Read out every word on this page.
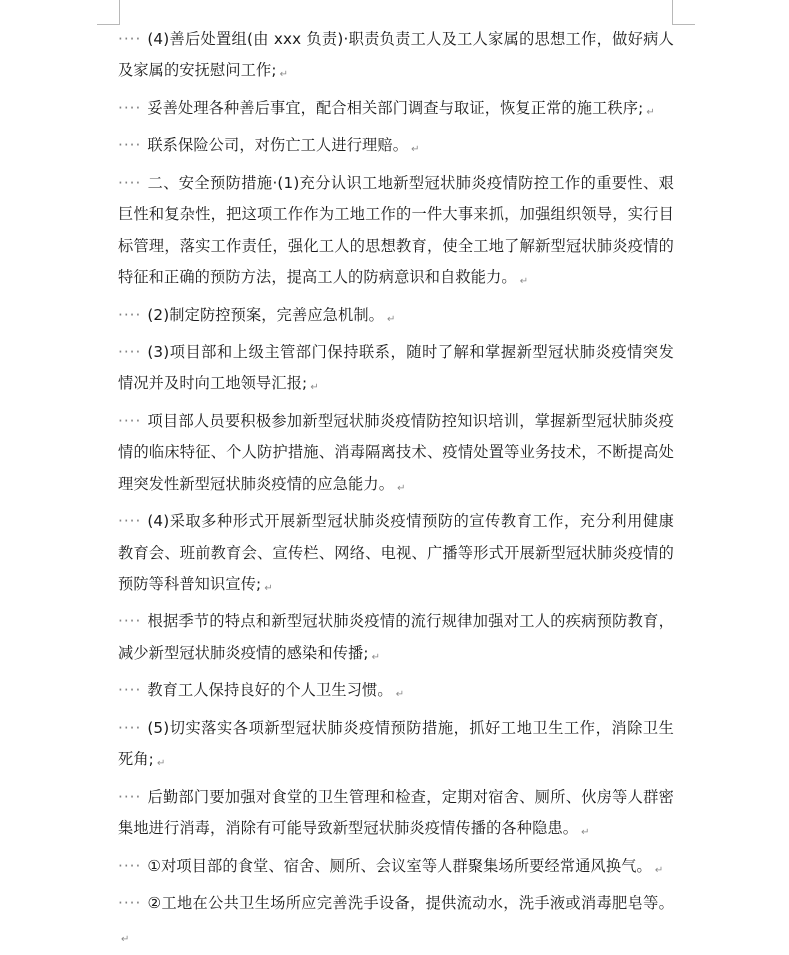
···· (4)善后处置组(由 xxx 负责)·职责负责工人及工人家属的思想工作，做好病人及家属的安抚慰问工作; ↵

···· 妥善处理各种善后事宜，配合相关部门调查与取证，恢复正常的施工秩序; ↵

···· 联系保险公司，对伤亡工人进行理赔。 ↵

···· 二、安全预防措施·(1)充分认识工地新型冠状肺炎疫情防控工作的重要性、艰巨性和复杂性，把这项工作作为工地工作的一件大事来抓，加强组织领导，实行目标管理，落实工作责任，强化工人的思想教育，使全工地了解新型冠状肺炎疫情的特征和正确的预防方法，提高工人的防病意识和自救能力。 ↵

···· (2)制定防控预案，完善应急机制。 ↵

···· (3)项目部和上级主管部门保持联系，随时了解和掌握新型冠状肺炎疫情突发情况并及时向工地领导汇报; ↵

···· 项目部人员要积极参加新型冠状肺炎疫情防控知识培训，掌握新型冠状肺炎疫情的临床特征、个人防护措施、消毒隔离技术、疫情处置等业务技术，不断提高处理突发性新型冠状肺炎疫情的应急能力。 ↵

···· (4)采取多种形式开展新型冠状肺炎疫情预防的宣传教育工作，充分利用健康教育会、班前教育会、宣传栏、网络、电视、广播等形式开展新型冠状肺炎疫情的预防等科普知识宣传; ↵

···· 根据季节的特点和新型冠状肺炎疫情的流行规律加强对工人的疾病预防教育，减少新型冠状肺炎疫情的感染和传播; ↵

···· 教育工人保持良好的个人卫生习惯。 ↵

···· (5)切实落实各项新型冠状肺炎疫情预防措施，抓好工地卫生工作，消除卫生死角; ↵

···· 后勤部门要加强对食堂的卫生管理和检查，定期对宿舍、厕所、伙房等人群密集地进行消毒，消除有可能导致新型冠状肺炎疫情传播的各种隐患。 ↵

···· ①对项目部的食堂、宿舍、厕所、会议室等人群聚集场所要经常通风换气。 ↵

···· ②工地在公共卫生场所应完善洗手设备，提供流动水，洗手液或消毒肥皂等。↵
